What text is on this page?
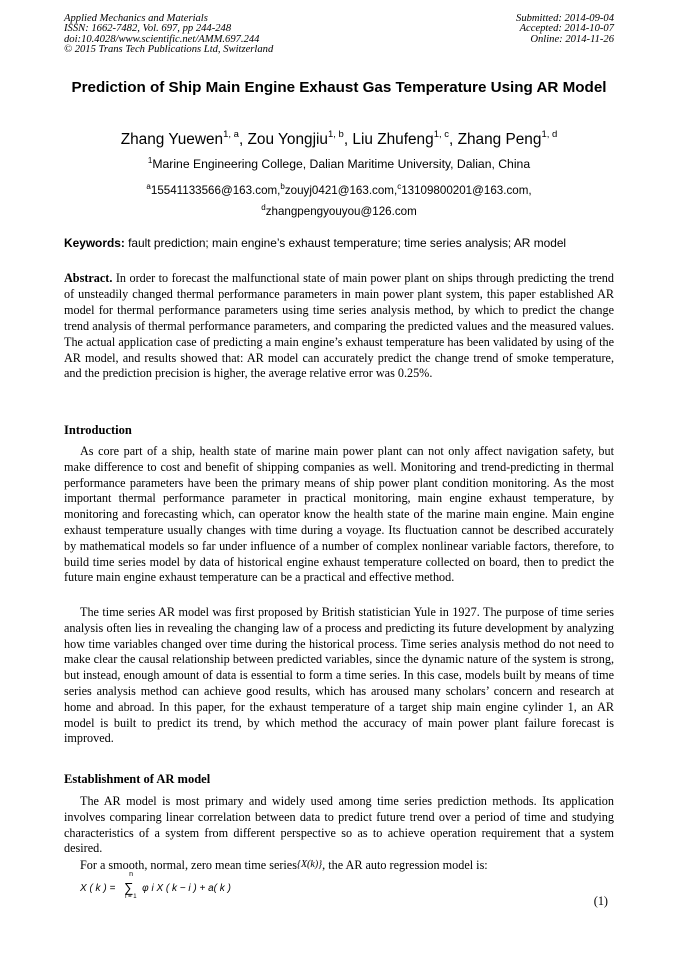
Applied Mechanics and Materials
ISSN: 1662-7482, Vol. 697, pp 244-248
doi:10.4028/www.scientific.net/AMM.697.244
© 2015 Trans Tech Publications Ltd, Switzerland
Submitted: 2014-09-04
Accepted: 2014-10-07
Online: 2014-11-26
Prediction of Ship Main Engine Exhaust Gas Temperature Using AR Model
Zhang Yuewen$^{1, a}$, Zou Yongjiu$^{1, b}$, Liu Zhufeng$^{1, c}$, Zhang Peng$^{1, d}$
$^1$Marine Engineering College, Dalian Maritime University, Dalian, China
$^a$15541133566@163.com,$^b$zouyj0421@163.com,$^c$13109800201@163.com,
$^d$zhangpengyouyou@126.com
Keywords: fault prediction; main engine’s exhaust temperature; time series analysis; AR model
Abstract. In order to forecast the malfunctional state of main power plant on ships through predicting the trend of unsteadily changed thermal performance parameters in main power plant system, this paper established AR model for thermal performance parameters using time series analysis method, by which to predict the change trend analysis of thermal performance parameters, and comparing the predicted values and the measured values. The actual application case of predicting a main engine’s exhaust temperature has been validated by using of the AR model, and results showed that: AR model can accurately predict the change trend of smoke temperature, and the prediction precision is higher, the average relative error was 0.25%.
Introduction
As core part of a ship, health state of marine main power plant can not only affect navigation safety, but make difference to cost and benefit of shipping companies as well. Monitoring and trend-predicting in thermal performance parameters have been the primary means of ship power plant condition monitoring. As the most important thermal performance parameter in practical monitoring, main engine exhaust temperature, by monitoring and forecasting which, can operator know the health state of the marine main engine. Main engine exhaust temperature usually changes with time during a voyage. Its fluctuation cannot be described accurately by mathematical models so far under influence of a number of complex nonlinear variable factors, therefore, to build time series model by data of historical engine exhaust temperature collected on board, then to predict the future main engine exhaust temperature can be a practical and effective method.
The time series AR model was first proposed by British statistician Yule in 1927. The purpose of time series analysis often lies in revealing the changing law of a process and predicting its future development by analyzing how time variables changed over time during the historical process. Time series analysis method do not need to make clear the causal relationship between predicted variables, since the dynamic nature of the system is strong, but instead, enough amount of data is essential to form a time series. In this case, models built by means of time series analysis method can achieve good results, which has aroused many scholars’ concern and research at home and abroad. In this paper, for the exhaust temperature of a target ship main engine cylinder 1, an AR model is built to predict its trend, by which method the accuracy of main power plant failure forecast is improved.
Establishment of AR model
The AR model is most primary and widely used among time series prediction methods. Its application involves comparing linear correlation between data to predict future trend over a period of time and studying characteristics of a system from different perspective so as to achieve operation requirement that a system desired.
For a smooth, normal, zero mean time series{X(k)}, the AR auto regression model is:
X ( k ) = ∑
n
i = 1
φ i X ( k − i ) + a( k )
(1)
